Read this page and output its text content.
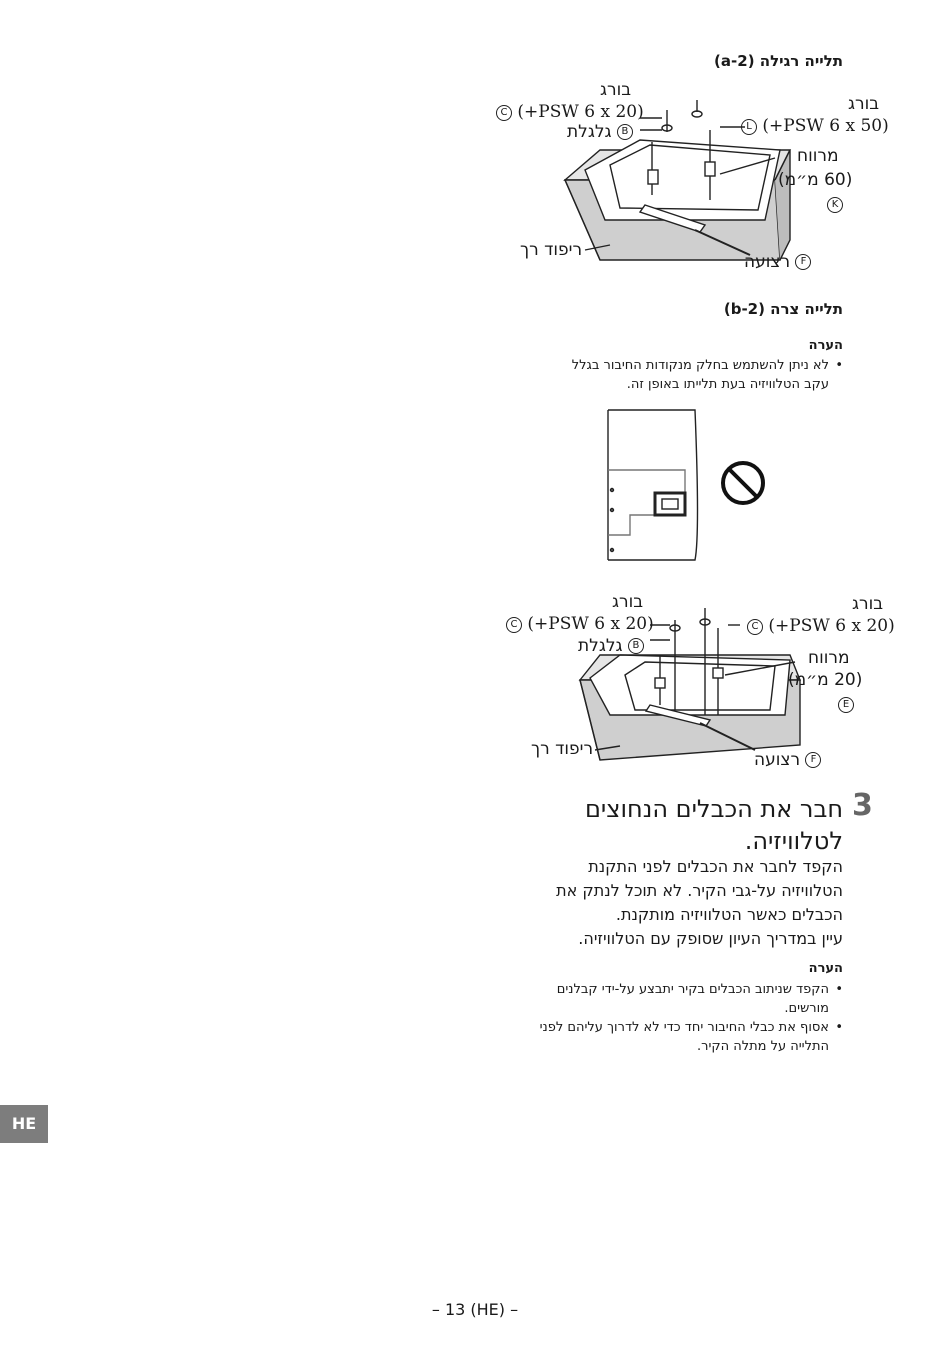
תלייה רגילה (2-a)
בורג
C (+PSW 6 x 20)
B גלגלת
בורג
L (+PSW 6 x 50)
מרווח
(60 מ״מ)
K
ריפוד רך
F רצועה
תלייה צרה (2-b)
הערה
• לא ניתן להשתמש בחלק מנקודות החיבור בגלל עקב הטלוויזיה בעת תלייתו באופן זה.
בורג
C (+PSW 6 x 20)
B גלגלת
בורג
C (+PSW 6 x 20)
מרווח
(20 מ״מ)
E
ריפוד רך
F רצועה
3
חבר את הכבלים הנחוצים
לטלוויזיה.
הקפד לחבר את הכבלים לפני התקנת
הטלוויזיה על-גבי הקיר. לא תוכל לנתק את
הכבלים כאשר הטלוויזיה מותקנת.
עיין במדריך העיון שסופק עם הטלוויזיה.
הערה
• הקפד שניתוב הכבלים בקיר יתבצע על-ידי קבלנים מורשים.
• אסוף את כבלי החיבור יחד כדי לא לדרוך עליהם לפני התלייה על מתלה הקיר.
HE
– 13 (HE) –
